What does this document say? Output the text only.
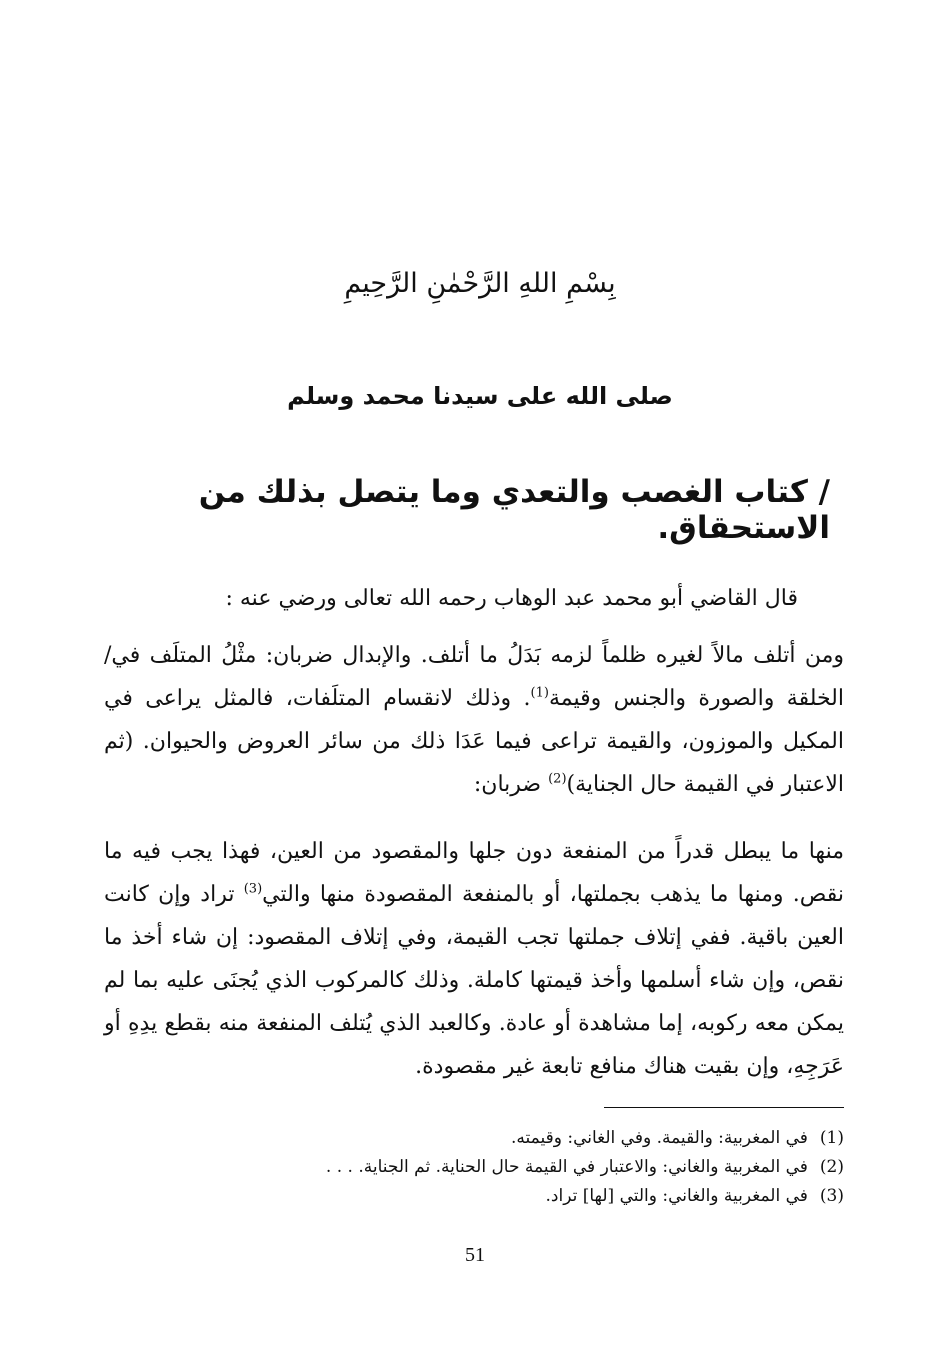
بِسْمِ اللهِ الرَّحْمٰنِ الرَّحِيمِ
صلى الله على سيدنا محمد وسلم
/ كتاب الغصب والتعدي وما يتصل بذلك من الاستحقاق.
قال القاضي أبو محمد عبد الوهاب رحمه الله تعالى ورضي عنه :
ومن أتلف مالاً لغيره ظلماً لزمه بَدَلُ ما أتلف. والإبدال ضربان: مثْلُ المتلَف في/ الخلقة والصورة والجنس وقيمة$^{(1)}$. وذلك لانقسام المتلَفات، فالمثل يراعى في المكيل والموزون، والقيمة تراعى فيما عَدَا ذلك من سائر العروض والحيوان. (ثم الاعتبار في القيمة حال الجناية)$^{(2)}$ ضربان:
منها ما يبطل قدراً من المنفعة دون جلها والمقصود من العين، فهذا يجب فيه ما نقص. ومنها ما يذهب بجملتها، أو بالمنفعة المقصودة منها والتي$^{(3)}$ تراد وإن كانت العين باقية. ففي إتلاف جملتها تجب القيمة، وفي إتلاف المقصود: إن شاء أخذ ما نقص، وإن شاء أسلمها وأخذ قيمتها كاملة. وذلك كالمركوب الذي يُجنَى عليه بما لم يمكن معه ركوبه، إما مشاهدة أو عادة. وكالعبد الذي يُتلف المنفعة منه بقطع يدِهِ أو عَرَجِهِ، وإن بقيت هناك منافع تابعة غير مقصودة.
(1)
في المغربية: والقيمة. وفي الغاني: وقيمته.
(2)
في المغربية والغاني: والاعتبار في القيمة حال الحناية. ثم الجناية. . . .
(3)
في المغربية والغاني: والتي [لها] تراد.
51
